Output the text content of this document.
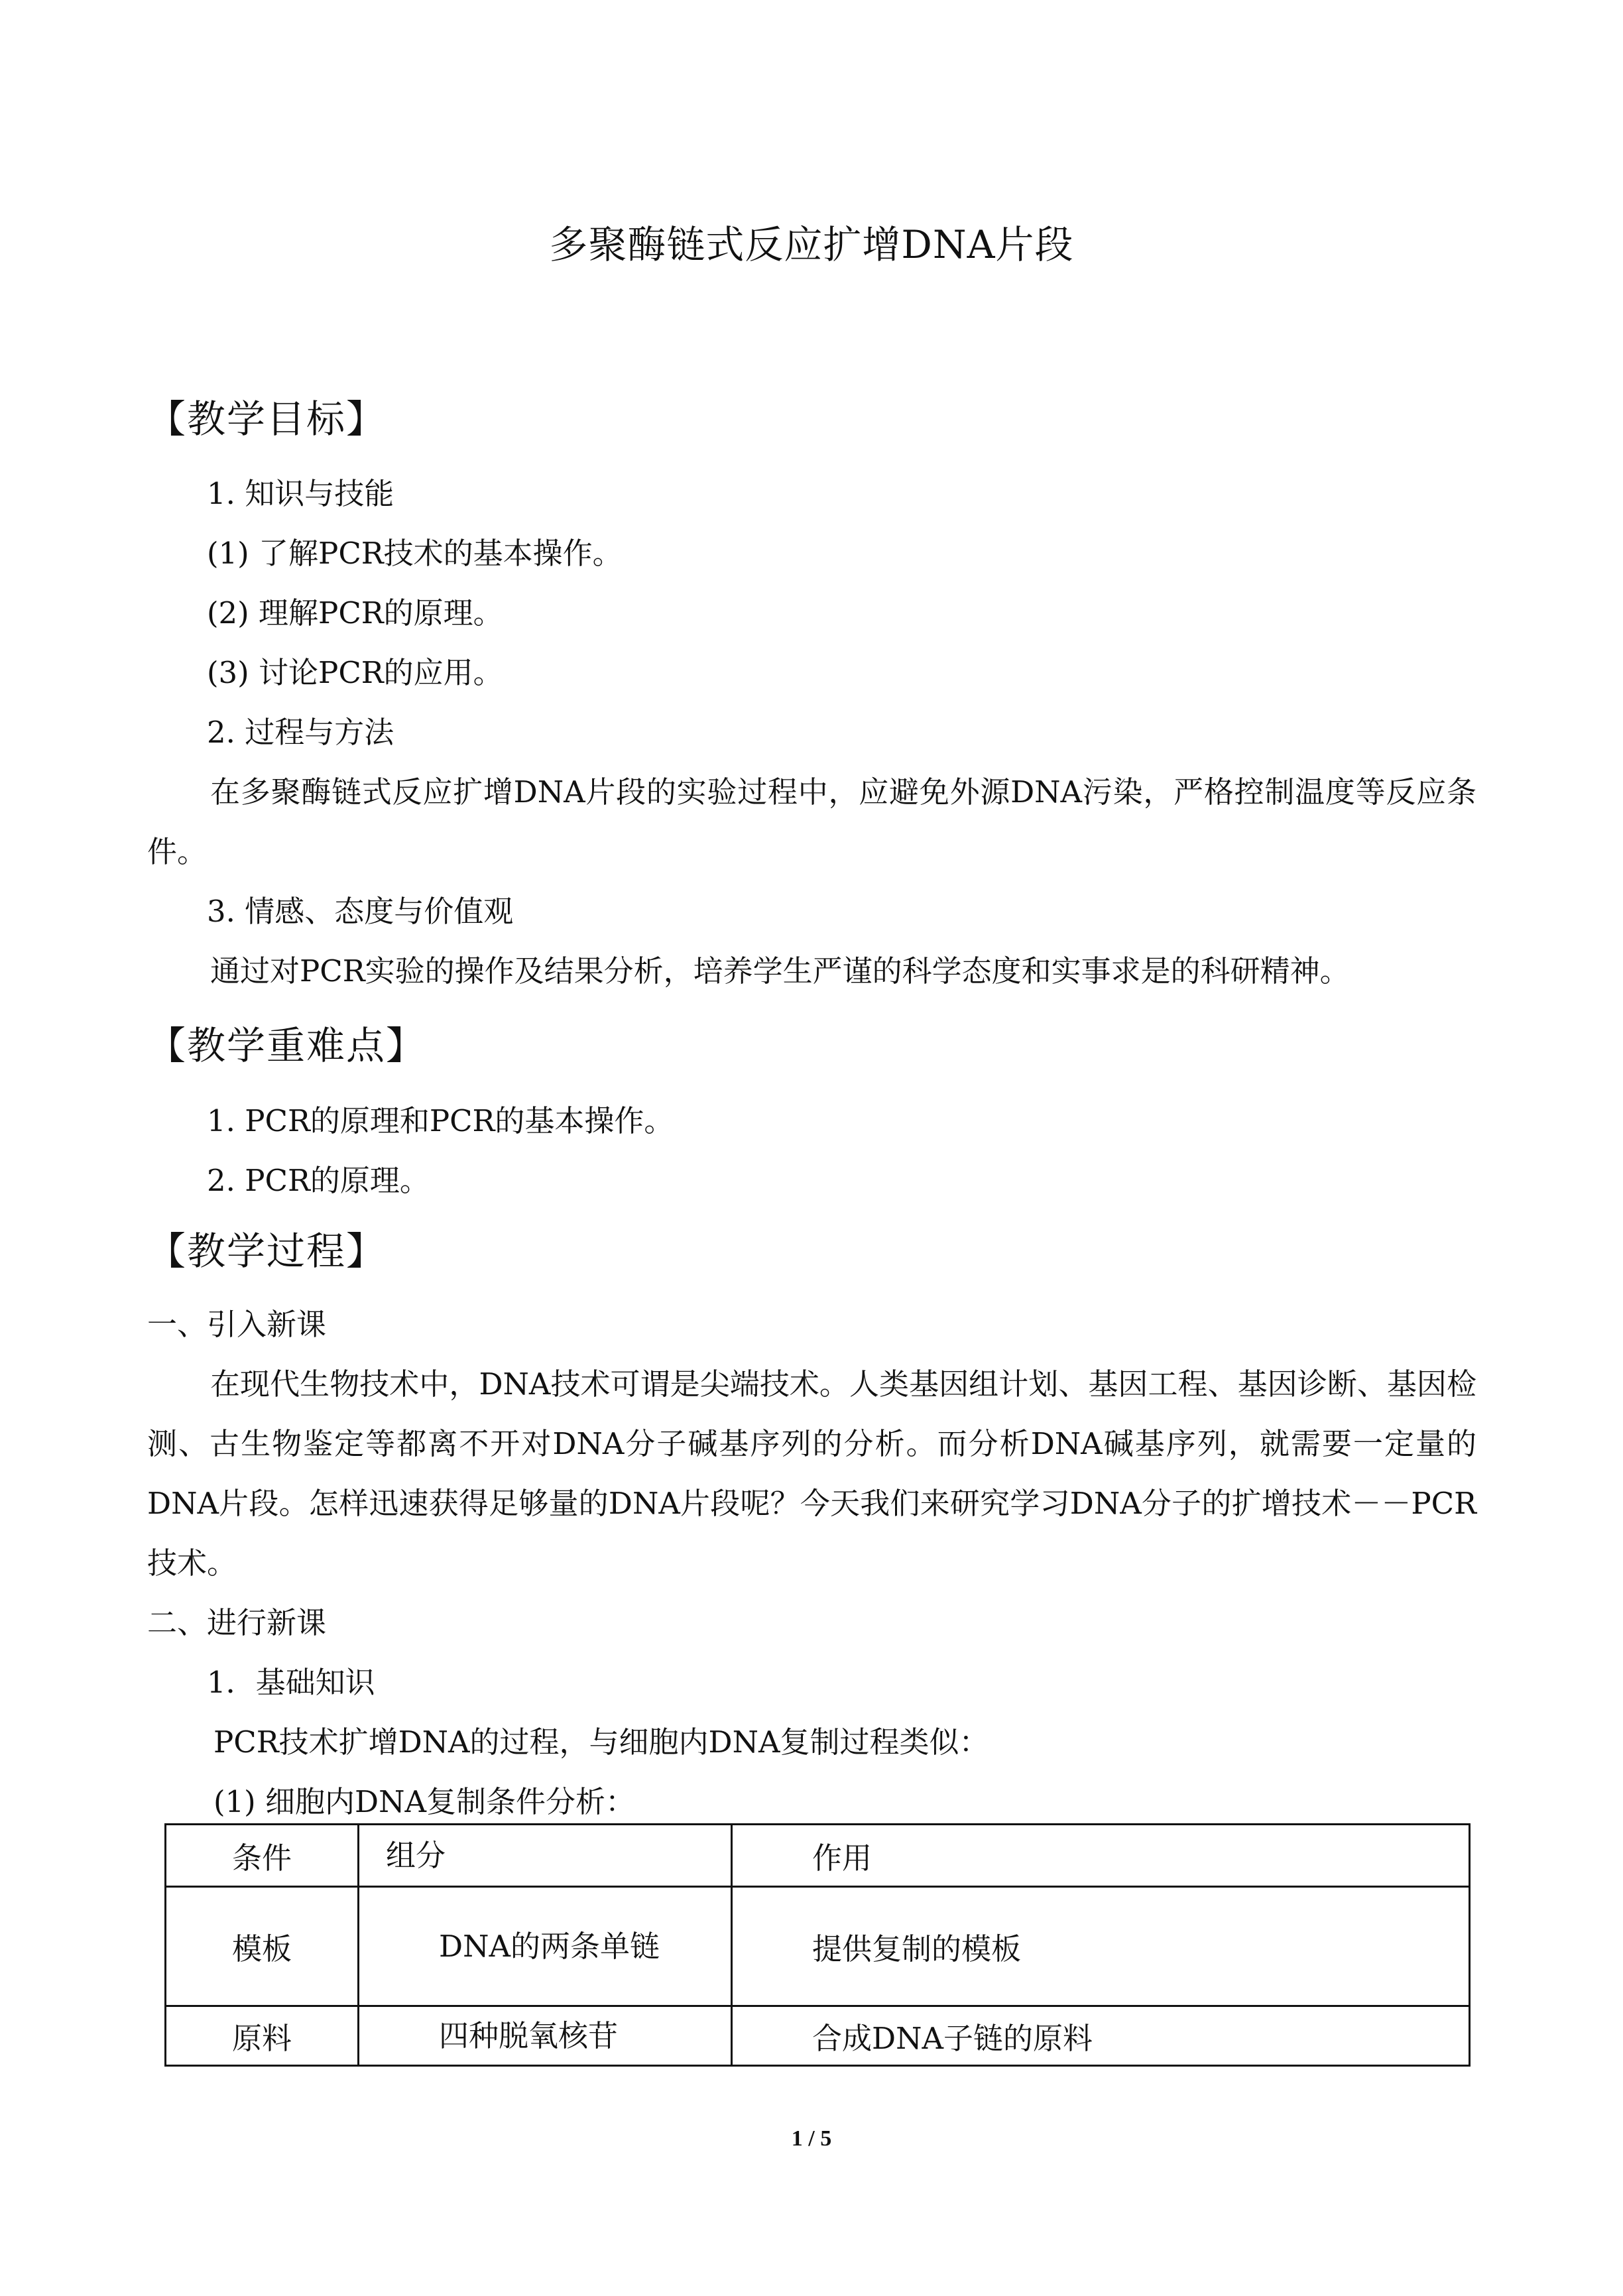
多聚酶链式反应扩增DNA片段
【教学目标】
1. 知识与技能
(1) 了解PCR技术的基本操作。
(2) 理解PCR的原理。
(3) 讨论PCR的应用。
2. 过程与方法

在多聚酶链式反应扩增DNA片段的实验过程中，应避免外源DNA污染，严格控制温度等反应条件。

3. 情感、态度与价值观

通过对PCR实验的操作及结果分析，培养学生严谨的科学态度和实事求是的科研精神。

【教学重难点】
1. PCR的原理和PCR的基本操作。
2. PCR的原理。
【教学过程】
一、引入新课

在现代生物技术中，DNA技术可谓是尖端技术。人类基因组计划、基因工程、基因诊断、基因检测、古生物鉴定等都离不开对DNA分子碱基序列的分析。而分析DNA碱基序列，就需要一定量的DNA片段。怎样迅速获得足够量的DNA片段呢？今天我们来研究学习DNA分子的扩增技术－－PCR技术。

二、进行新课
1．基础知识
PCR技术扩增DNA的过程，与细胞内DNA复制过程类似：
(1) 细胞内DNA复制条件分析：
条件	组分	作用
模板	DNA的两条单链	提供复制的模板
原料	四种脱氧核苷	合成DNA子链的原料
1 / 5
